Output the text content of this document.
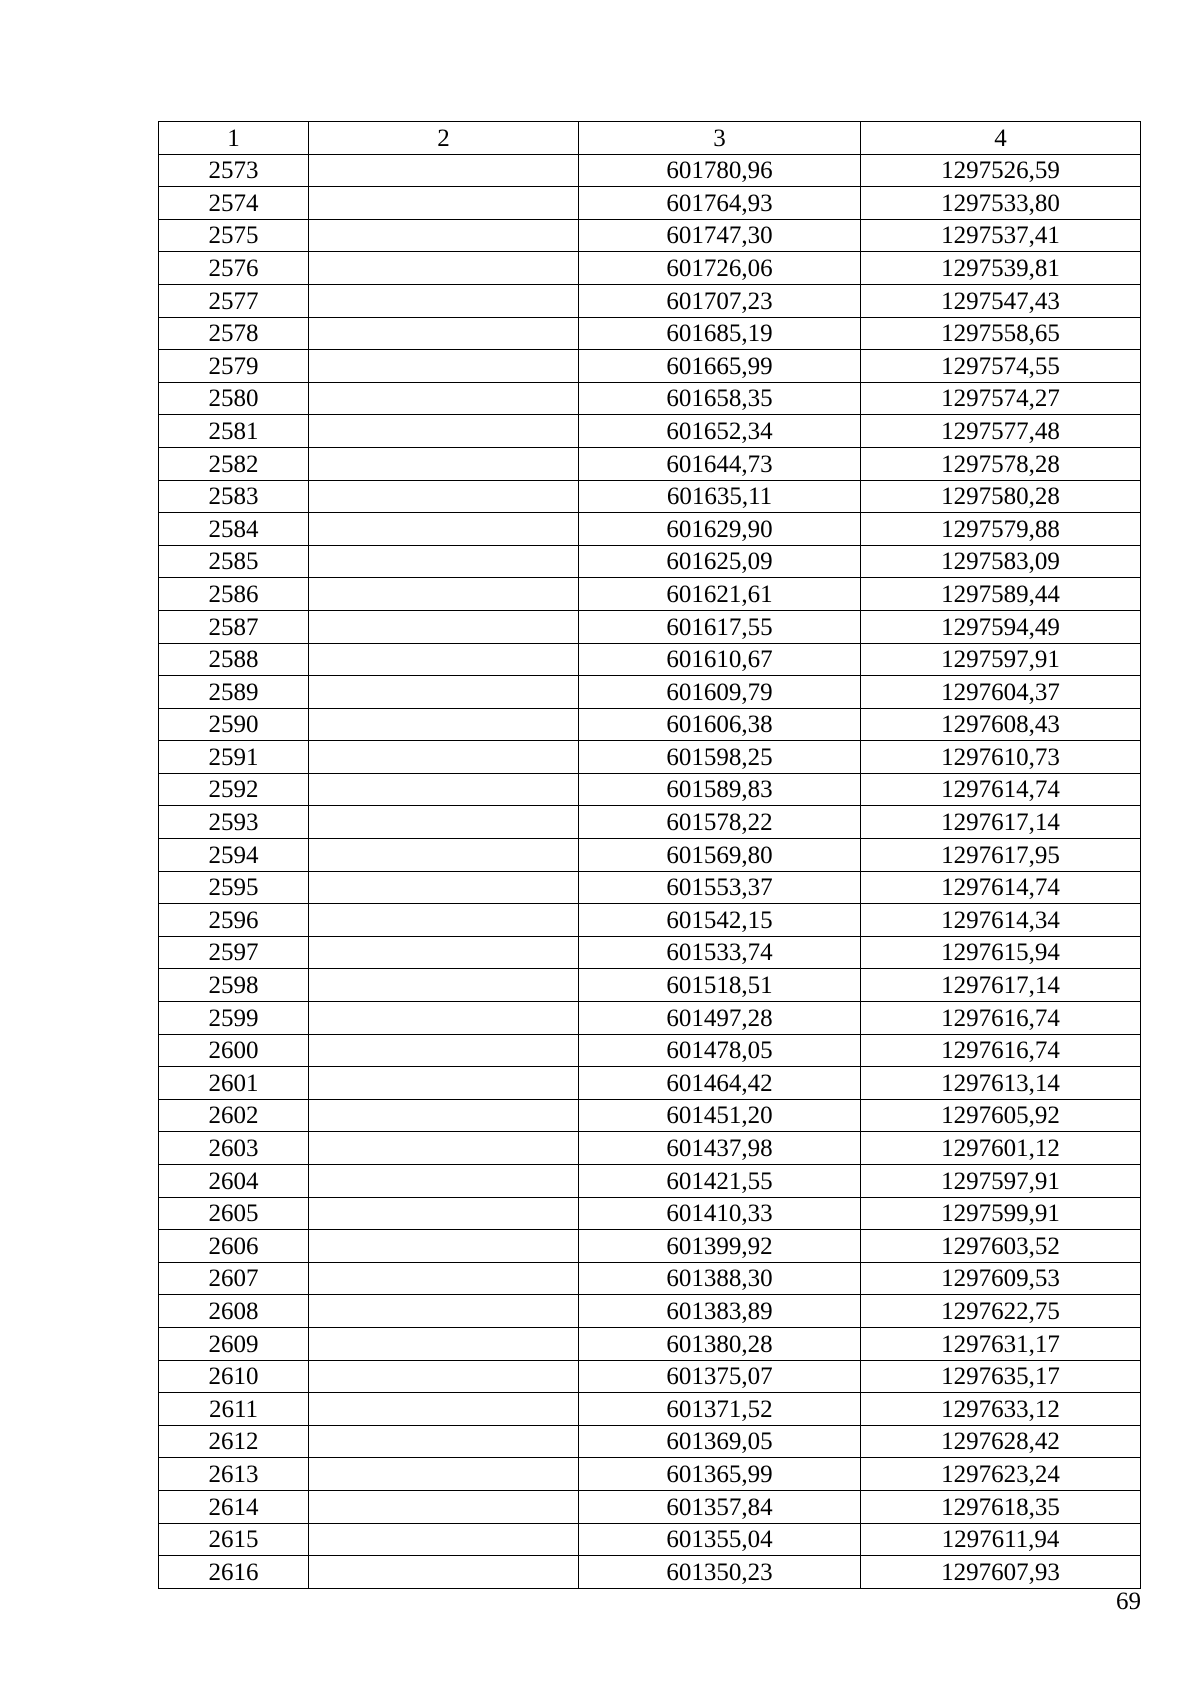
1	2	3	4
2573		601780,96	1297526,59
2574		601764,93	1297533,80
2575		601747,30	1297537,41
2576		601726,06	1297539,81
2577		601707,23	1297547,43
2578		601685,19	1297558,65
2579		601665,99	1297574,55
2580		601658,35	1297574,27
2581		601652,34	1297577,48
2582		601644,73	1297578,28
2583		601635,11	1297580,28
2584		601629,90	1297579,88
2585		601625,09	1297583,09
2586		601621,61	1297589,44
2587		601617,55	1297594,49
2588		601610,67	1297597,91
2589		601609,79	1297604,37
2590		601606,38	1297608,43
2591		601598,25	1297610,73
2592		601589,83	1297614,74
2593		601578,22	1297617,14
2594		601569,80	1297617,95
2595		601553,37	1297614,74
2596		601542,15	1297614,34
2597		601533,74	1297615,94
2598		601518,51	1297617,14
2599		601497,28	1297616,74
2600		601478,05	1297616,74
2601		601464,42	1297613,14
2602		601451,20	1297605,92
2603		601437,98	1297601,12
2604		601421,55	1297597,91
2605		601410,33	1297599,91
2606		601399,92	1297603,52
2607		601388,30	1297609,53
2608		601383,89	1297622,75
2609		601380,28	1297631,17
2610		601375,07	1297635,17
2611		601371,52	1297633,12
2612		601369,05	1297628,42
2613		601365,99	1297623,24
2614		601357,84	1297618,35
2615		601355,04	1297611,94
2616		601350,23	1297607,93
69
